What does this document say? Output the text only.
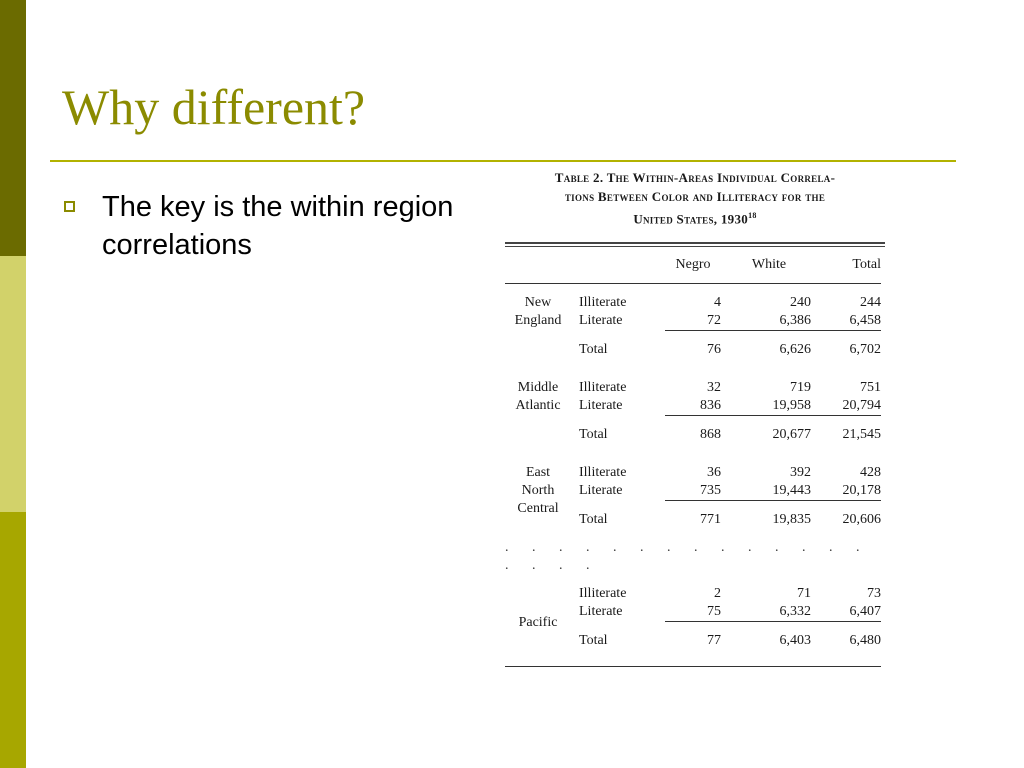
Why different?
The key is the within region correlations

Table 2. The Within-Areas Individual Correla-
tions Between Color and Illiteracy for the
United States, 1930$^{18}$

		Negro	White	Total
New
England	Illiterate	4	240	244
	Literate	72	6,386	6,458
	Total	76	6,626	6,702
Middle
Atlantic	Illiterate	32	719	751
	Literate	836	19,958	20,794
	Total	868	20,677	21,545
East
North
Central	Illiterate	36	392	428
	Literate	735	19,443	20,178
	Total	771	19,835	20,606
. . . . . . . . . . . . . . . . . .				
Pacific	Illiterate	2	71	73
	Literate	75	6,332	6,407
	Total	77	6,403	6,480
